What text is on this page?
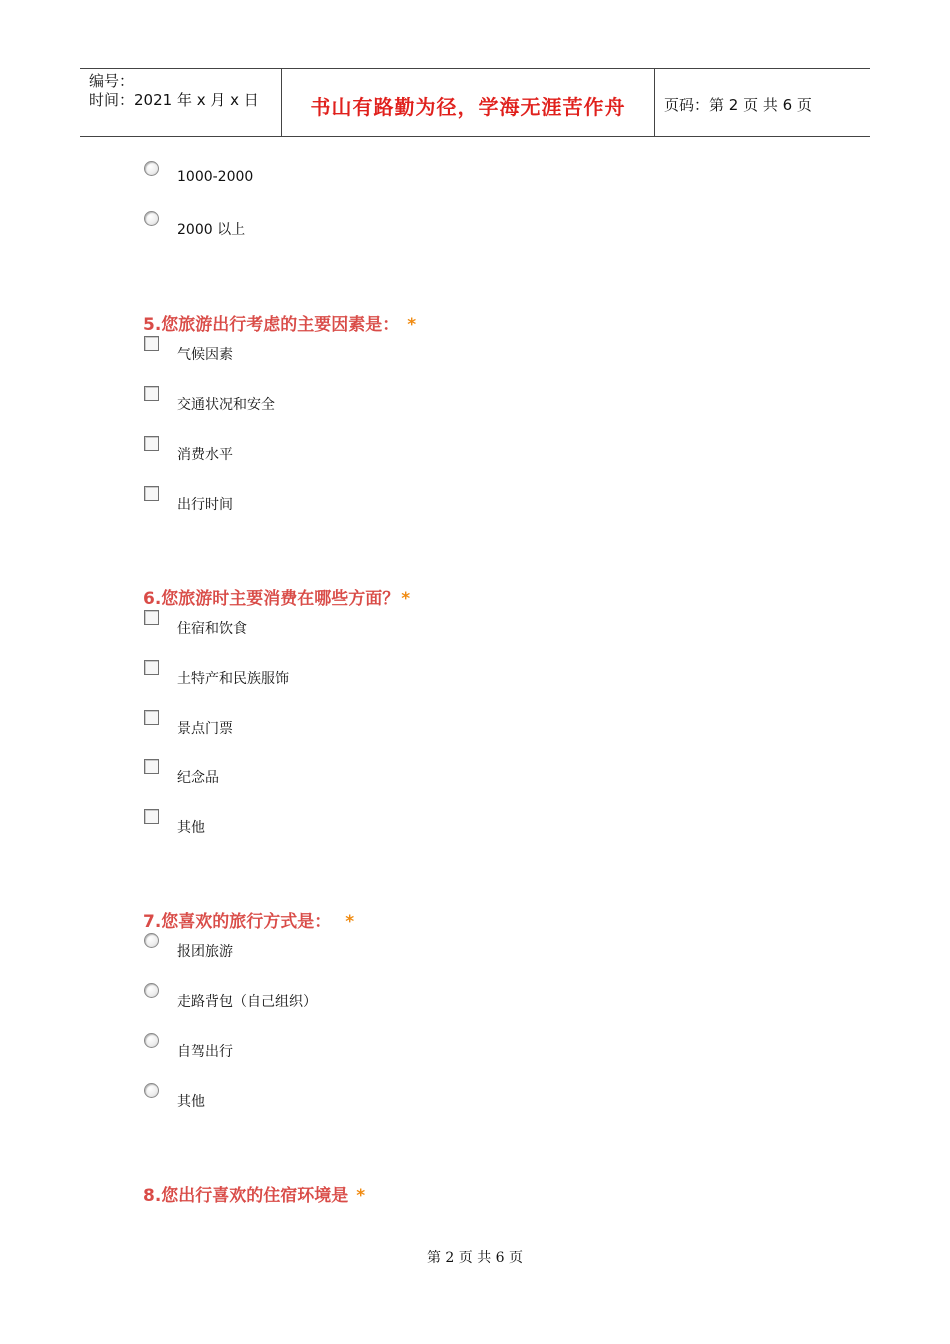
编号：
时间：2021 年 x 月 x 日	书山有路勤为径，学海无涯苦作舟	页码：第 2 页 共 6 页
1000-2000
2000 以上
5.您旅游出行考虑的主要因素是： *
气候因素
交通状况和安全
消费水平
出行时间
6.您旅游时主要消费在哪些方面？ *
住宿和饮食
土特产和民族服饰
景点门票
纪念品
其他
7.您喜欢的旅行方式是： *
报团旅游
走路背包（自己组织）
自驾出行
其他
8.您出行喜欢的住宿环境是 *
第 2 页 共 6 页
